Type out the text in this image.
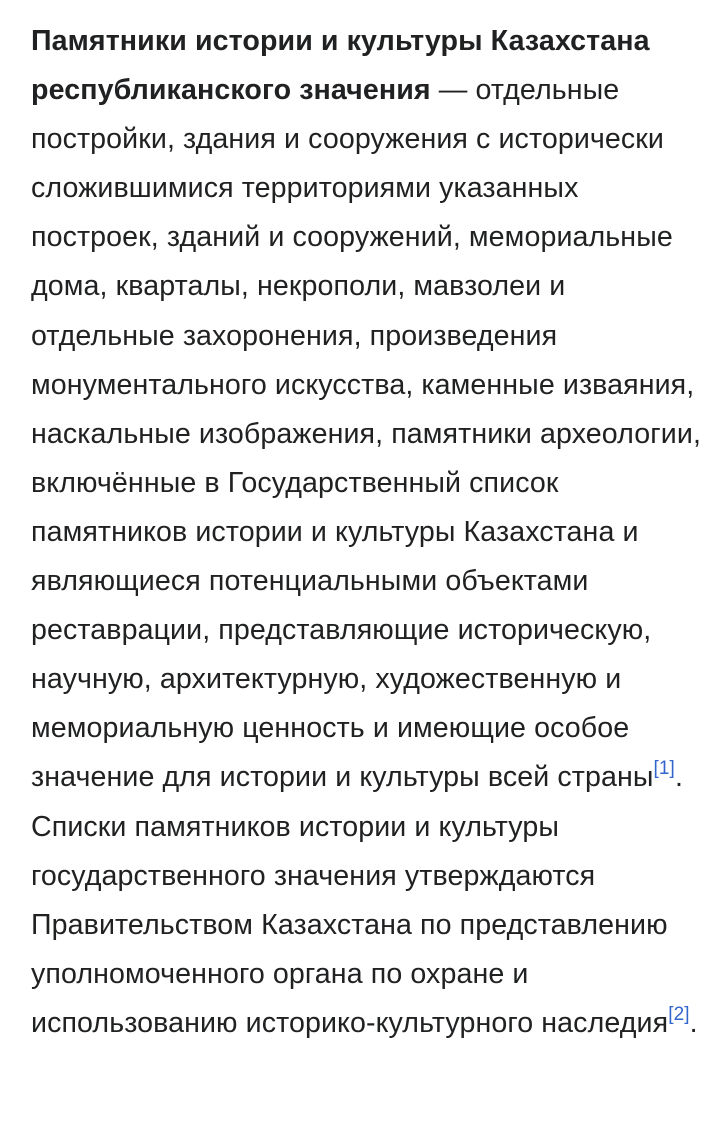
Памятники истории и культуры Казахстана республиканского значения — отдельные постройки, здания и сооружения с исторически сложившимися территориями указанных построек, зданий и сооружений, мемориальные дома, кварталы, некрополи, мавзолеи и отдельные захоронения, произведения монументального искусства, каменные изваяния, наскальные изображения, памятники археологии, включённые в Государственный список памятников истории и культуры Казахстана и являющиеся потенциальными объектами реставрации, представляющие историческую, научную, архитектурную, художественную и мемориальную ценность и имеющие особое значение для истории и культуры всей страны[1]. Списки памятников истории и культуры государственного значения утверждаются Правительством Казахстана по представлению уполномоченного органа по охране и использованию историко-культурного наследия[2].
